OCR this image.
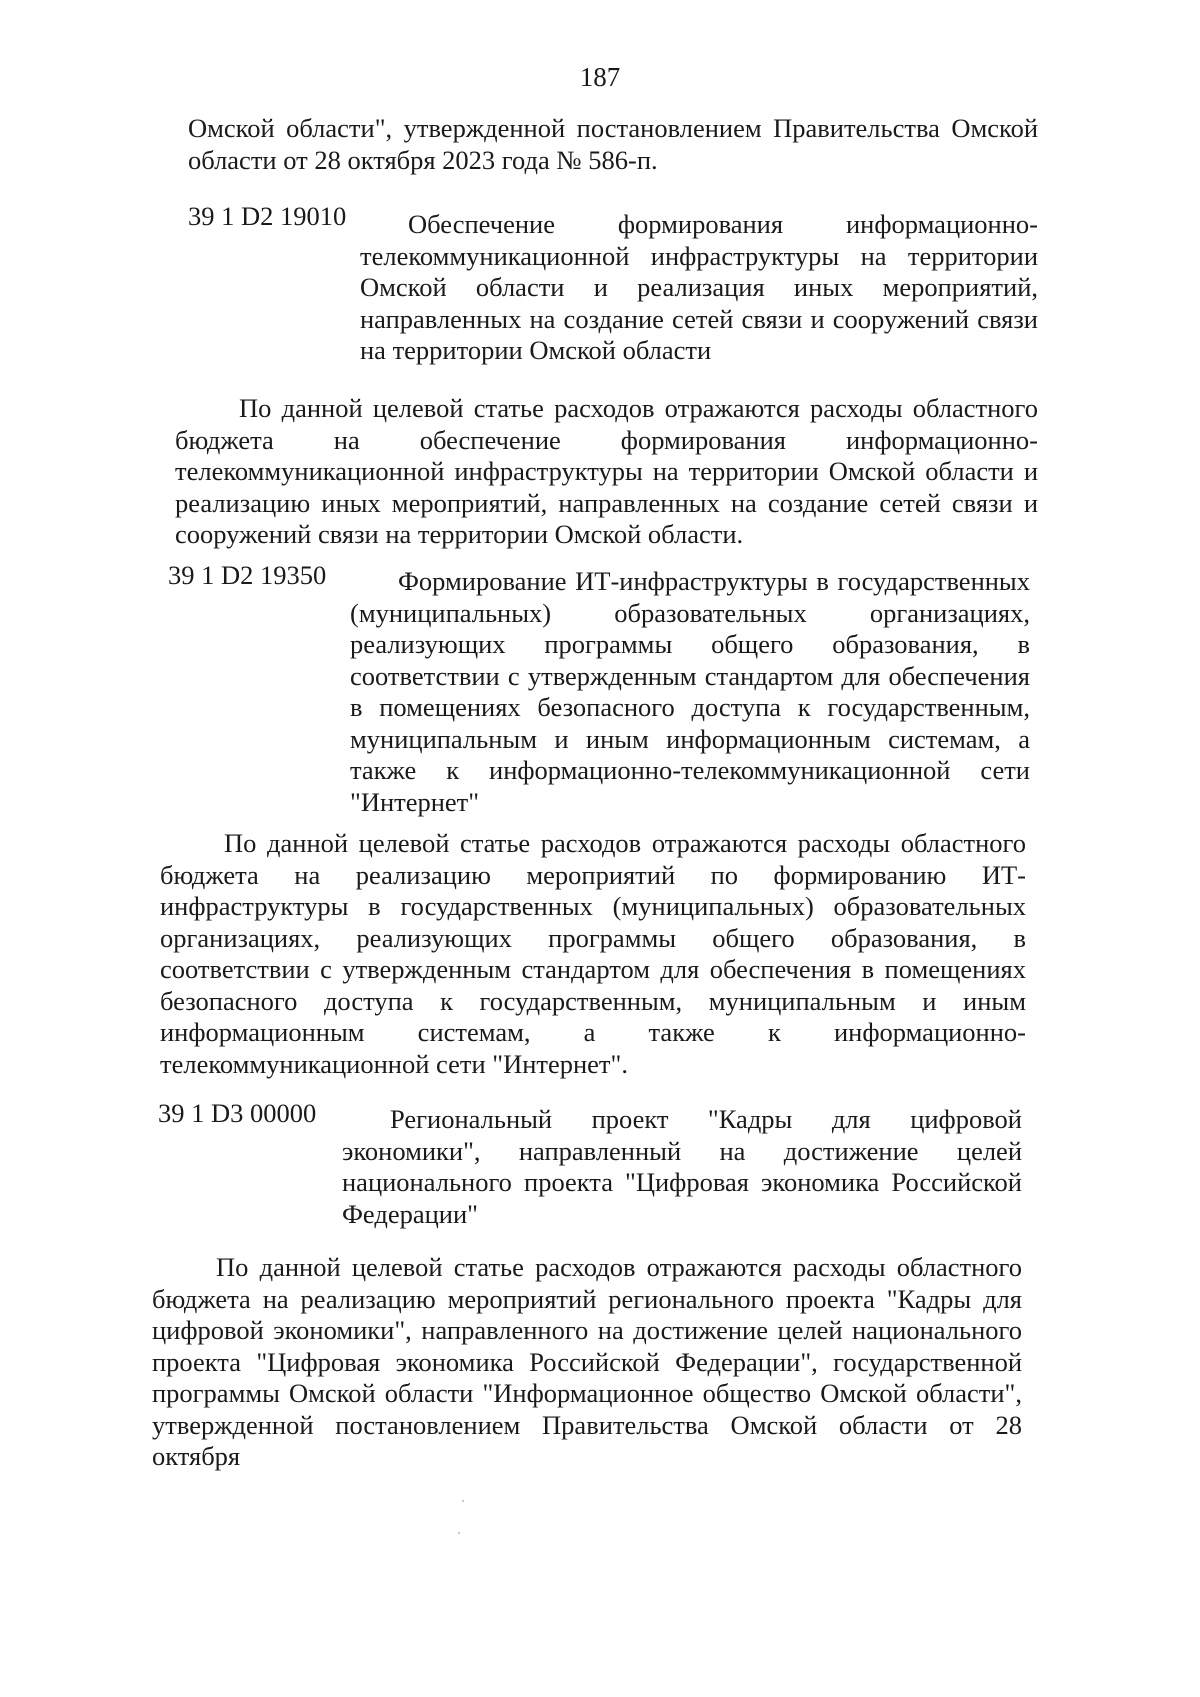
187

Омской области", утвержденной постановлением Правительства Омской области от 28 октября 2023 года № 586-п.

39 1 D2 19010	Обеспечение формирования информационно-телекоммуникационной инфраструктуры на территории Омской области и реализация иных мероприятий, направленных на создание сетей связи и сооружений связи на территории Омской области

По данной целевой статье расходов отражаются расходы областного бюджета на обеспечение формирования информационно-телекоммуникационной инфраструктуры на территории Омской области и реализацию иных мероприятий, направленных на создание сетей связи и сооружений связи на территории Омской области.

39 1 D2 19350	Формирование ИТ-инфраструктуры в государственных (муниципальных) образовательных организациях, реализующих программы общего образования, в соответствии с утвержденным стандартом для обеспечения в помещениях безопасного доступа к государственным, муниципальным и иным информационным системам, а также к информационно-телекоммуникационной сети "Интернет"

По данной целевой статье расходов отражаются расходы областного бюджета на реализацию мероприятий по формированию ИТ-инфраструктуры в государственных (муниципальных) образовательных организациях, реализующих программы общего образования, в соответствии с утвержденным стандартом для обеспечения в помещениях безопасного доступа к государственным, муниципальным и иным информационным системам, а также к информационно-телекоммуникационной сети "Интернет".

39 1 D3 00000	Региональный проект "Кадры для цифровой экономики", направленный на достижение целей национального проекта "Цифровая экономика Российской Федерации"

По данной целевой статье расходов отражаются расходы областного бюджета на реализацию мероприятий регионального проекта "Кадры для цифровой экономики", направленного на достижение целей национального проекта "Цифровая экономика Российской Федерации", государственной программы Омской области "Информационное общество Омской области", утвержденной постановлением Правительства Омской области от 28 октября
